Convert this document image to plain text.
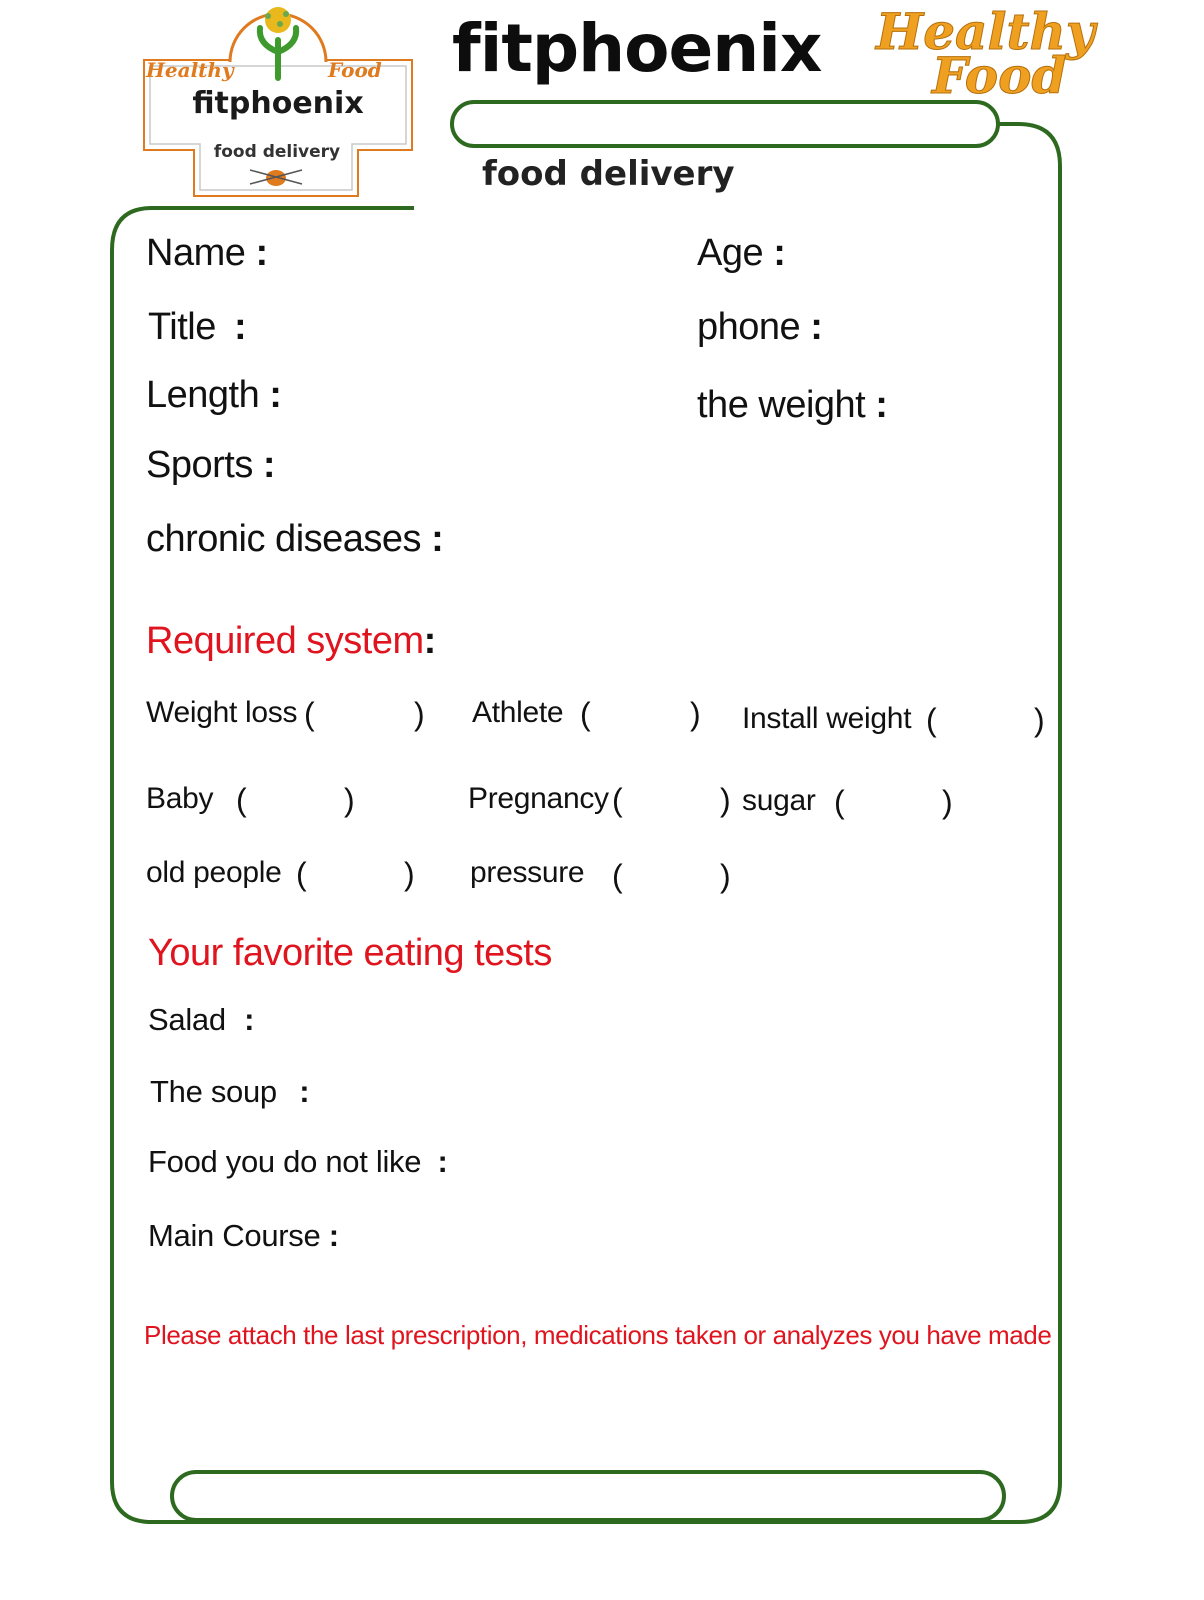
Healthy	Food
fitphoenix
food delivery
fitphoenix Healthy
Food
food delivery
Name :	Age :
Title :	phone :
Length :	the weight :
Sports :
chronic diseases :
Required system:
Weight loss (	) Athlete (	) Install weight (	)
Baby (	)	Pregnancy (	) sugar (	)
old people (	) pressure (	)
Your favorite eating tests
Salad :
The soup :
Food you do not like :
Main Course :
Please attach the last prescription, medications taken or analyzes you have made
